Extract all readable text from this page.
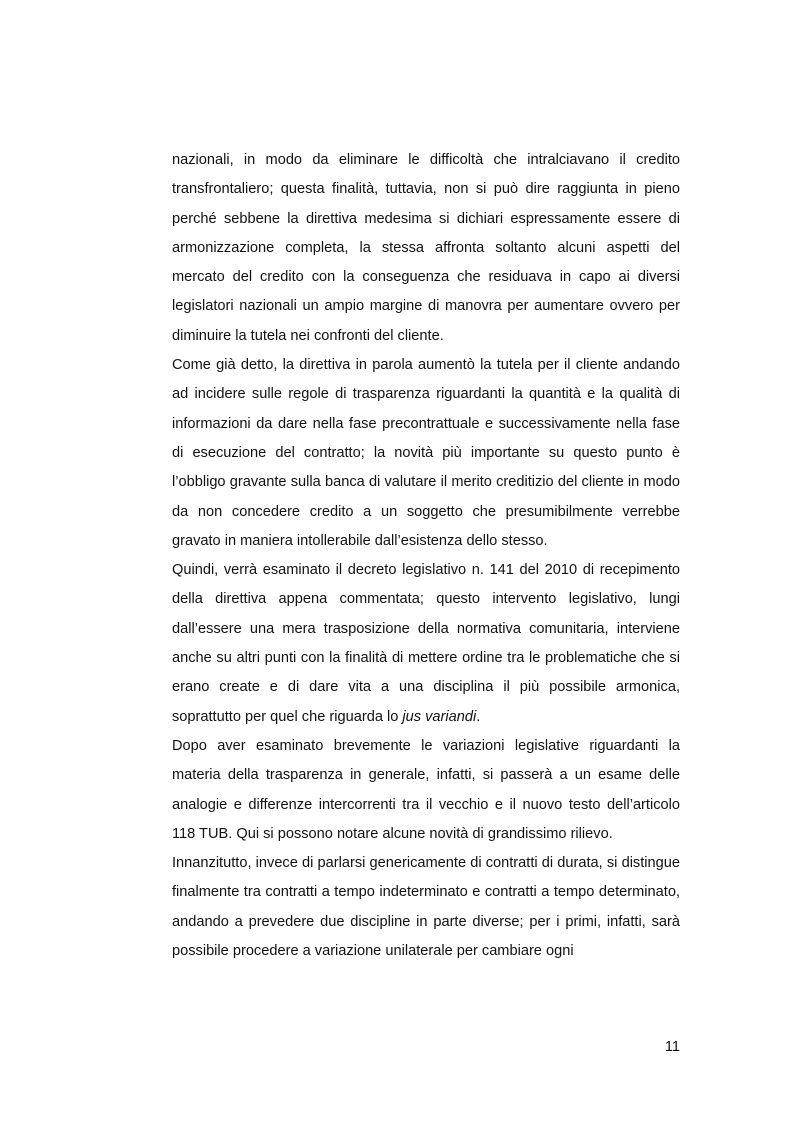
nazionali, in modo da eliminare le difficoltà che intralciavano il credito transfrontaliero; questa finalità, tuttavia, non si può dire raggiunta in pieno perché sebbene la direttiva medesima si dichiari espressamente essere di armonizzazione completa, la stessa affronta soltanto alcuni aspetti del mercato del credito con la conseguenza che residuava in capo ai diversi legislatori nazionali un ampio margine di manovra per aumentare ovvero per diminuire la tutela nei confronti del cliente.

Come già detto, la direttiva in parola aumentò la tutela per il cliente andando ad incidere sulle regole di trasparenza riguardanti la quantità e la qualità di informazioni da dare nella fase precontrattuale e successivamente nella fase di esecuzione del contratto; la novità più importante su questo punto è l’obbligo gravante sulla banca di valutare il merito creditizio del cliente in modo da non concedere credito a un soggetto che presumibilmente verrebbe gravato in maniera intollerabile dall’esistenza dello stesso.

Quindi, verrà esaminato il decreto legislativo n. 141 del 2010 di recepimento della direttiva appena commentata; questo intervento legislativo, lungi dall’essere una mera trasposizione della normativa comunitaria, interviene anche su altri punti con la finalità di mettere ordine tra le problematiche che si erano create e di dare vita a una disciplina il più possibile armonica, soprattutto per quel che riguarda lo jus variandi.

Dopo aver esaminato brevemente le variazioni legislative riguardanti la materia della trasparenza in generale, infatti, si passerà a un esame delle analogie e differenze intercorrenti tra il vecchio e il nuovo testo dell’articolo 118 TUB. Qui si possono notare alcune novità di grandissimo rilievo.

Innanzitutto, invece di parlarsi genericamente di contratti di durata, si distingue finalmente tra contratti a tempo indeterminato e contratti a tempo determinato, andando a prevedere due discipline in parte diverse; per i primi, infatti, sarà possibile procedere a variazione unilaterale per cambiare ogni

11
